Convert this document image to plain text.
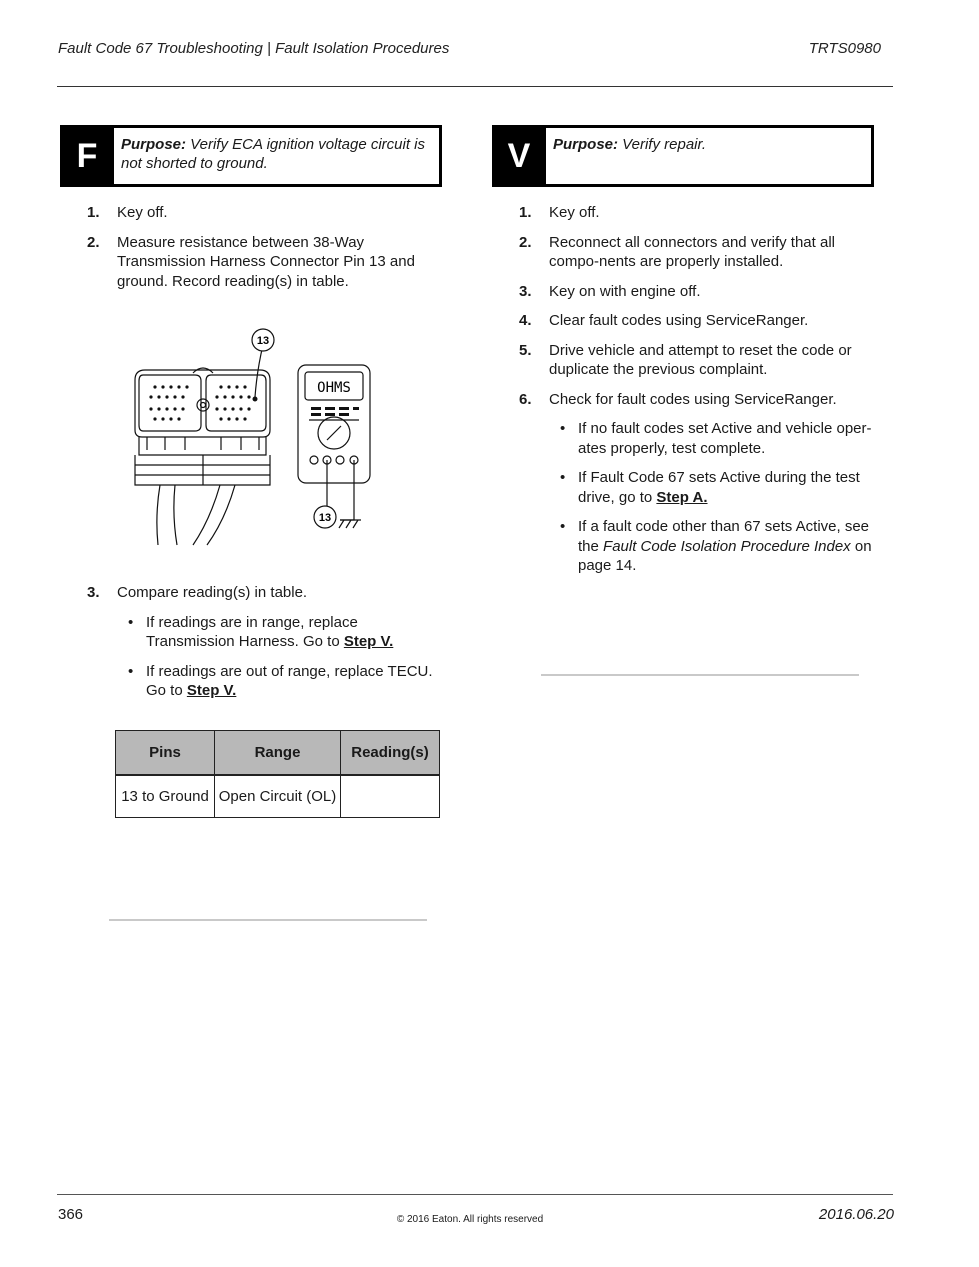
Fault Code 67 Troubleshooting | Fault Isolation Procedures	TRTS0980
F	Purpose: Verify ECA ignition voltage circuit is not shorted to ground.
1.	Key off.
2.	Measure resistance between 38-Way Transmission Harness Connector Pin 13 and ground. Record reading(s) in table.
13
13
OHMS
3.	Compare reading(s) in table.
• If readings are in range, replace Transmission Harness. Go to Step V.
• If readings are out of range, replace TECU. Go to Step V.
Pins	Range	Reading(s)
13 to Ground	Open Circuit (OL)	
V	Purpose: Verify repair.
1.	Key off.
2.	Reconnect all connectors and verify that all compo-nents are properly installed.
3.	Key on with engine off.
4.	Clear fault codes using ServiceRanger.
5.	Drive vehicle and attempt to reset the code or duplicate the previous complaint.
6.	Check for fault codes using ServiceRanger.
• If no fault codes set Active and vehicle oper-ates properly, test complete.
• If Fault Code 67 sets Active during the test drive, go to Step A.
• If a fault code other than 67 sets Active, see the Fault Code Isolation Procedure Index on page 14.
366	© 2016 Eaton. All rights reserved	2016.06.20
